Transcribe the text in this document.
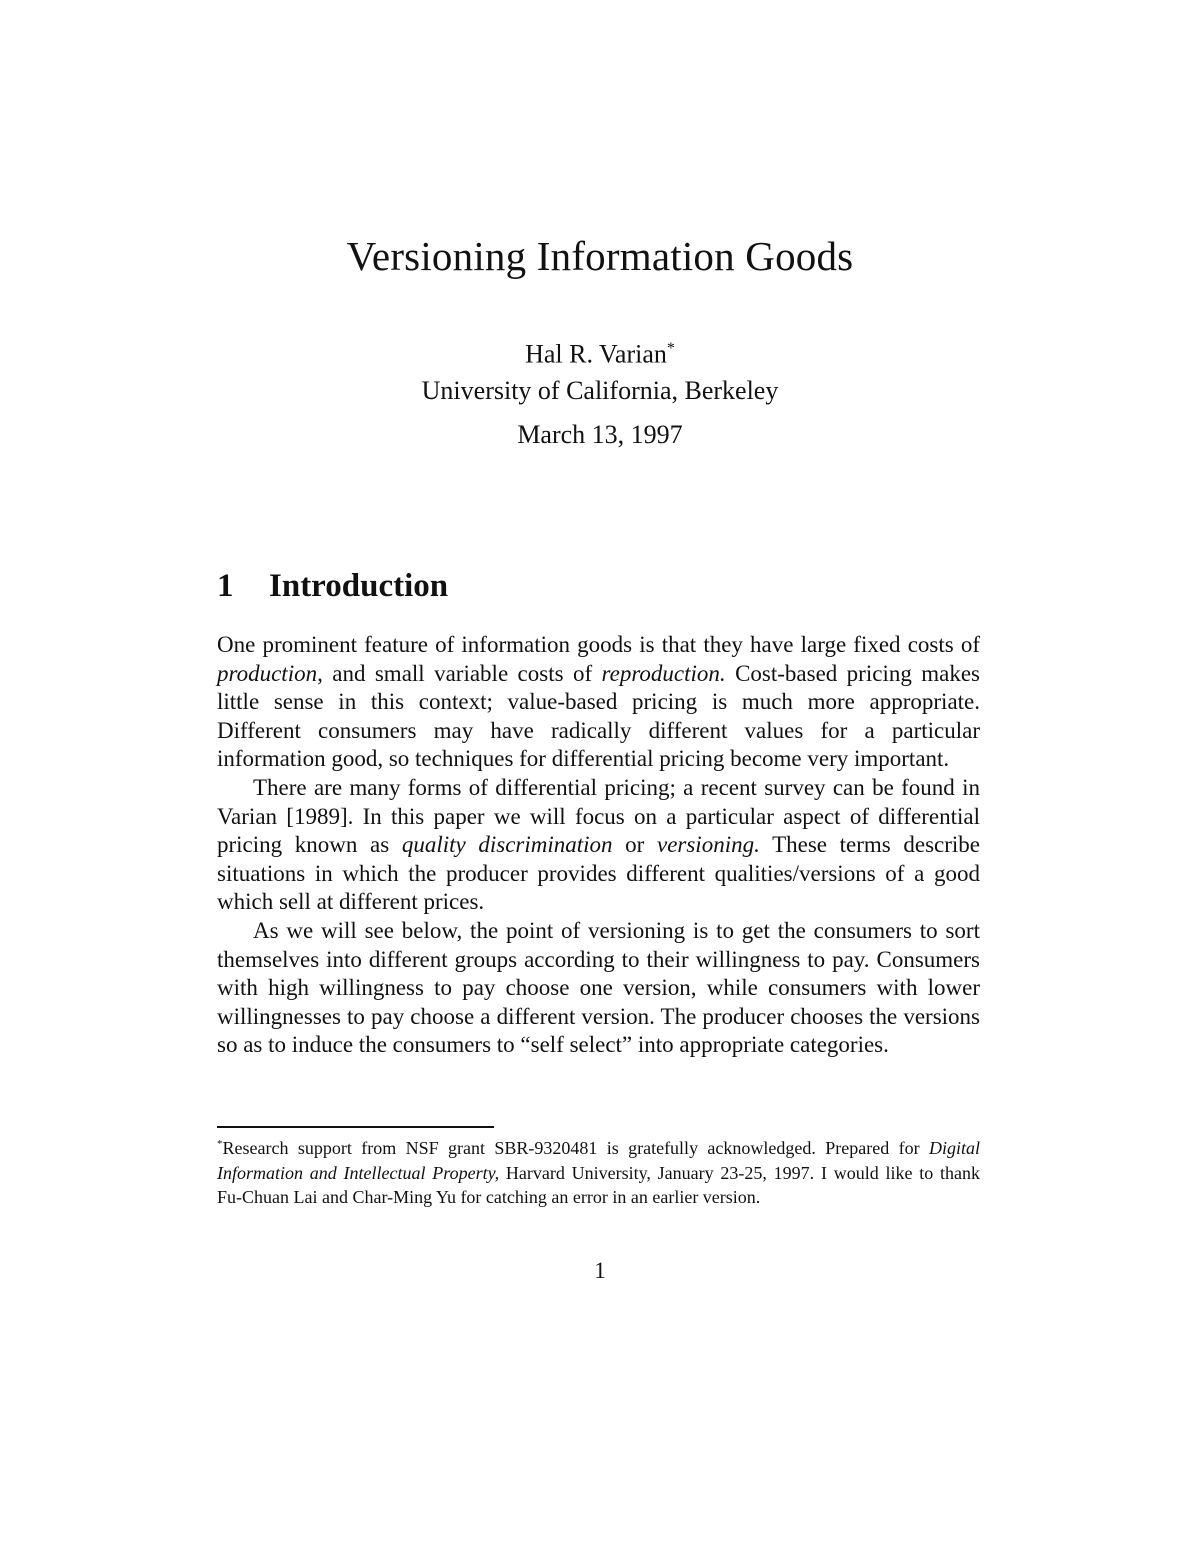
Versioning Information Goods
Hal R. Varian*
University of California, Berkeley
March 13, 1997
1 Introduction

One prominent feature of information goods is that they have large fixed costs of production, and small variable costs of reproduction. Cost-based pricing makes little sense in this context; value-based pricing is much more appropriate. Different consumers may have radically different values for a particular information good, so techniques for differential pricing become very important.

There are many forms of differential pricing; a recent survey can be found in Varian [1989]. In this paper we will focus on a particular aspect of differential pricing known as quality discrimination or versioning. These terms describe situations in which the producer provides different qualities/versions of a good which sell at different prices.

As we will see below, the point of versioning is to get the consumers to sort themselves into different groups according to their willingness to pay. Consumers with high willingness to pay choose one version, while consumers with lower willingnesses to pay choose a different version. The producer chooses the versions so as to induce the consumers to “self select” into appropriate categories.

*Research support from NSF grant SBR-9320481 is gratefully acknowledged. Prepared for Digital Information and Intellectual Property, Harvard University, January 23-25, 1997. I would like to thank Fu-Chuan Lai and Char-Ming Yu for catching an error in an earlier version.
1
